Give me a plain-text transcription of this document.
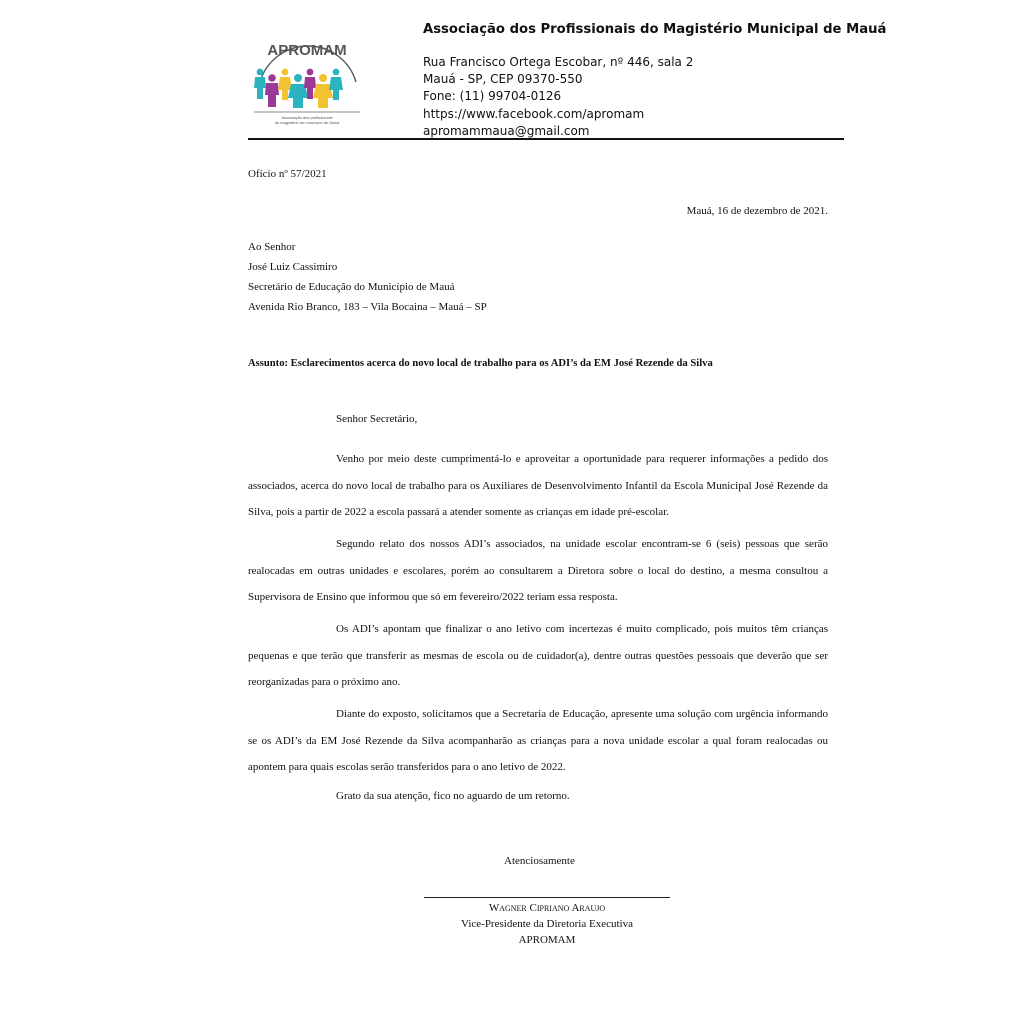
APROMAM
Associação dos profissionais
do magistério do município de Mauá
Associação dos Profissionais do Magistério Municipal de Mauá
Rua Francisco Ortega Escobar, nº 446, sala 2
Mauá - SP, CEP 09370-550
Fone: (11) 99704-0126
https://www.facebook.com/apromam
apromammaua@gmail.com
Ofício nº 57/2021
Mauá, 16 de dezembro de 2021.
Ao Senhor
José Luiz Cassimiro
Secretário de Educação do Município de Mauá
Avenida Rio Branco, 183 – Vila Bocaina – Mauá – SP
Assunto: Esclarecimentos acerca do novo local de trabalho para os ADI’s da EM José Rezende da Silva
Senhor Secretário,
Venho por meio deste cumprimentá-lo e aproveitar a oportunidade para requerer informações a pedido dos associados, acerca do novo local de trabalho para os Auxiliares de Desenvolvimento Infantil da Escola Municipal José Rezende da Silva, pois a partir de 2022 a escola passará a atender somente as crianças em idade pré-escolar.
Segundo relato dos nossos ADI’s associados, na unidade escolar encontram-se 6 (seis) pessoas que serão realocadas em outras unidades e escolares, porém ao consultarem a Diretora sobre o local do destino, a mesma consultou a Supervisora de Ensino que informou que só em fevereiro/2022 teriam essa resposta.
Os ADI’s apontam que finalizar o ano letivo com incertezas é muito complicado, pois muitos têm crianças pequenas e que terão que transferir as mesmas de escola ou de cuidador(a), dentre outras questões pessoais que deverão que ser reorganizadas para o próximo ano.
Diante do exposto, solicitamos que a Secretaria de Educação, apresente uma solução com urgência informando se os ADI’s da EM José Rezende da Silva acompanharão as crianças para a nova unidade escolar a qual foram realocadas ou apontem para quais escolas serão transferidos para o ano letivo de 2022.
Grato da sua atenção, fico no aguardo de um retorno.
Atenciosamente
Wagner Cipriano Araujo
Vice-Presidente da Diretoria Executiva
APROMAM
